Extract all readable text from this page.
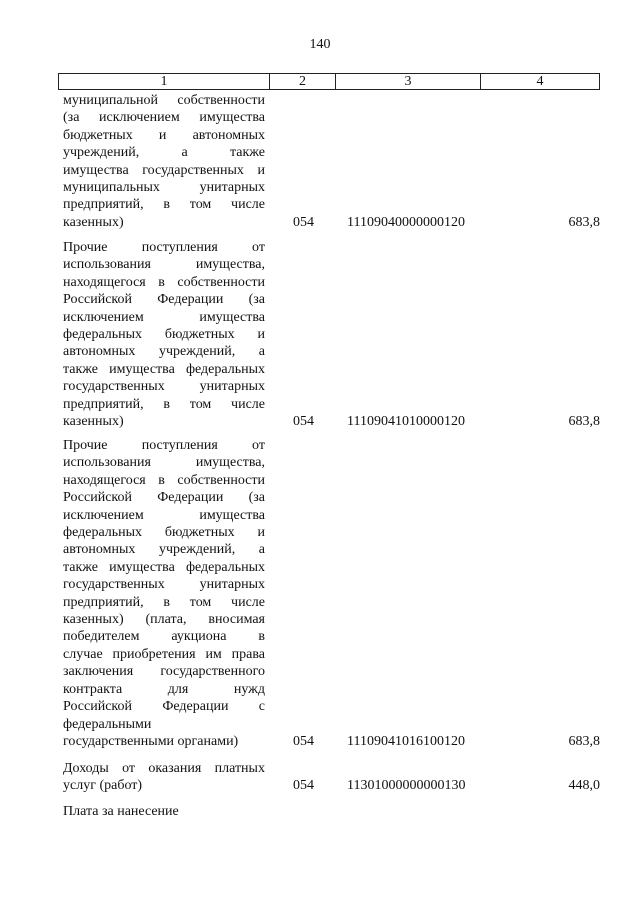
140
1	2	3	4
муниципальной собственности
(за исключением имущества
бюджетных и автономных
учреждений,	а	также
имущества государственных и
муниципальных	унитарных
предприятий, в том числе
казенных)	054	11109040000000120	683,8
Прочие поступления от
использования	имущества,
находящегося в собственности
Российской Федерации (за
исключением	имущества
федеральных бюджетных и
автономных учреждений, а
также имущества федеральных
государственных унитарных
предприятий, в том числе
казенных)	054	11109041010000120	683,8
Прочие поступления от
использования	имущества,
находящегося в собственности
Российской Федерации (за
исключением	имущества
федеральных бюджетных и
автономных учреждений, а
также имущества федеральных
государственных унитарных
предприятий, в том числе
казенных) (плата, вносимая
победителем аукциона в
случае приобретения им права
заключения государственного
контракта	для	нужд
Российской Федерации с
федеральными
государственными органами)	054	11109041016100120	683,8
Доходы от оказания платных
услуг (работ)	054	11301000000000130	448,0
Плата за нанесение
